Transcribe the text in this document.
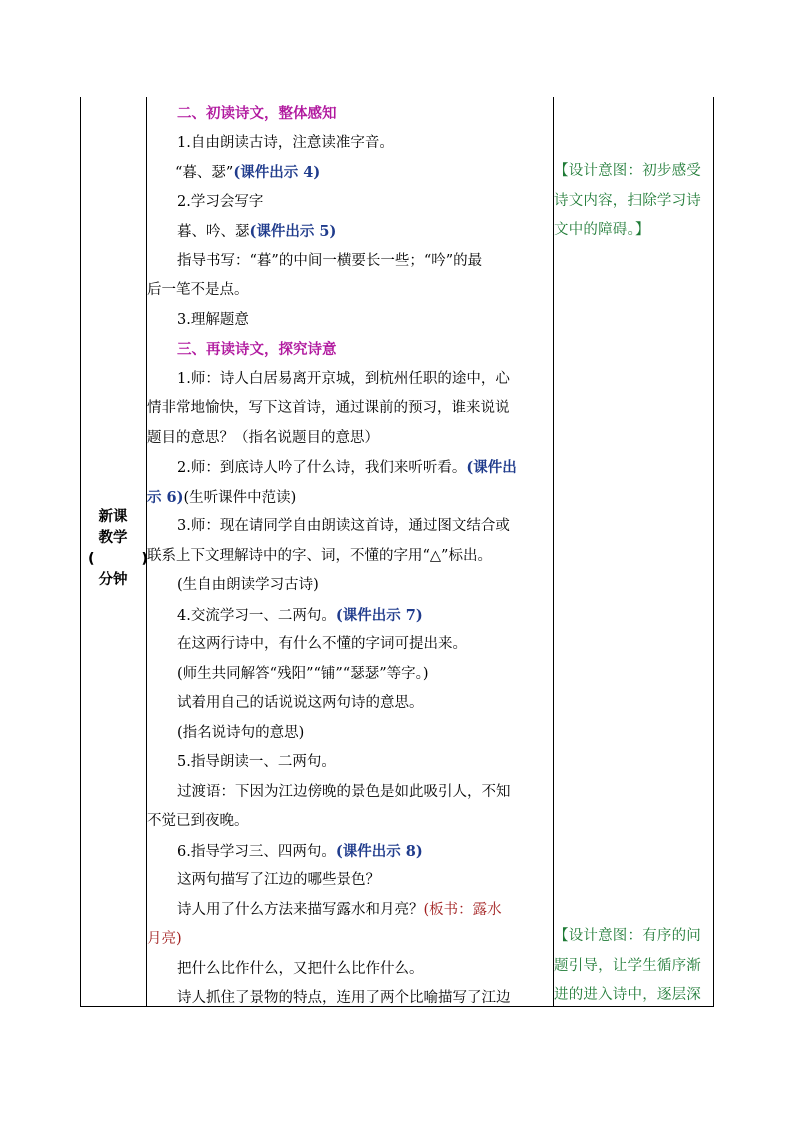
新课
教学
(	)
分钟
二、初读诗文，整体感知
1.自由朗读古诗，注意读准字音。
“暮、瑟”(课件出示 4)
2.学习会写字
暮、吟、瑟(课件出示 5)
指导书写：“暮”的中间一横要长一些；“吟”的最
后一笔不是点。
3.理解题意
三、再读诗文，探究诗意
1.师：诗人白居易离开京城，到杭州任职的途中，心
情非常地愉快，写下这首诗，通过课前的预习，谁来说说
题目的意思？（指名说题目的意思）
2.师：到底诗人吟了什么诗，我们来听听看。(课件出
示 6)(生听课件中范读)
3.师：现在请同学自由朗读这首诗，通过图文结合或
联系上下文理解诗中的字、词，不懂的字用“△”标出。
(生自由朗读学习古诗)
4.交流学习一、二两句。(课件出示 7)
在这两行诗中，有什么不懂的字词可提出来。
(师生共同解答“残阳”“铺”“瑟瑟”等字。)
试着用自己的话说说这两句诗的意思。
(指名说诗句的意思)
5.指导朗读一、二两句。
过渡语：下因为江边傍晚的景色是如此吸引人，不知
不觉已到夜晚。
6.指导学习三、四两句。(课件出示 8)
这两句描写了江边的哪些景色？
诗人用了什么方法来描写露水和月亮？(板书：露水
月亮)
把什么比作什么，又把什么比作什么。
诗人抓住了景物的特点，连用了两个比喻描写了江边
【设计意图：初步感受
诗文内容，扫除学习诗
文中的障碍。】
【设计意图：有序的问
题引导，让学生循序渐
进的进入诗中，逐层深
